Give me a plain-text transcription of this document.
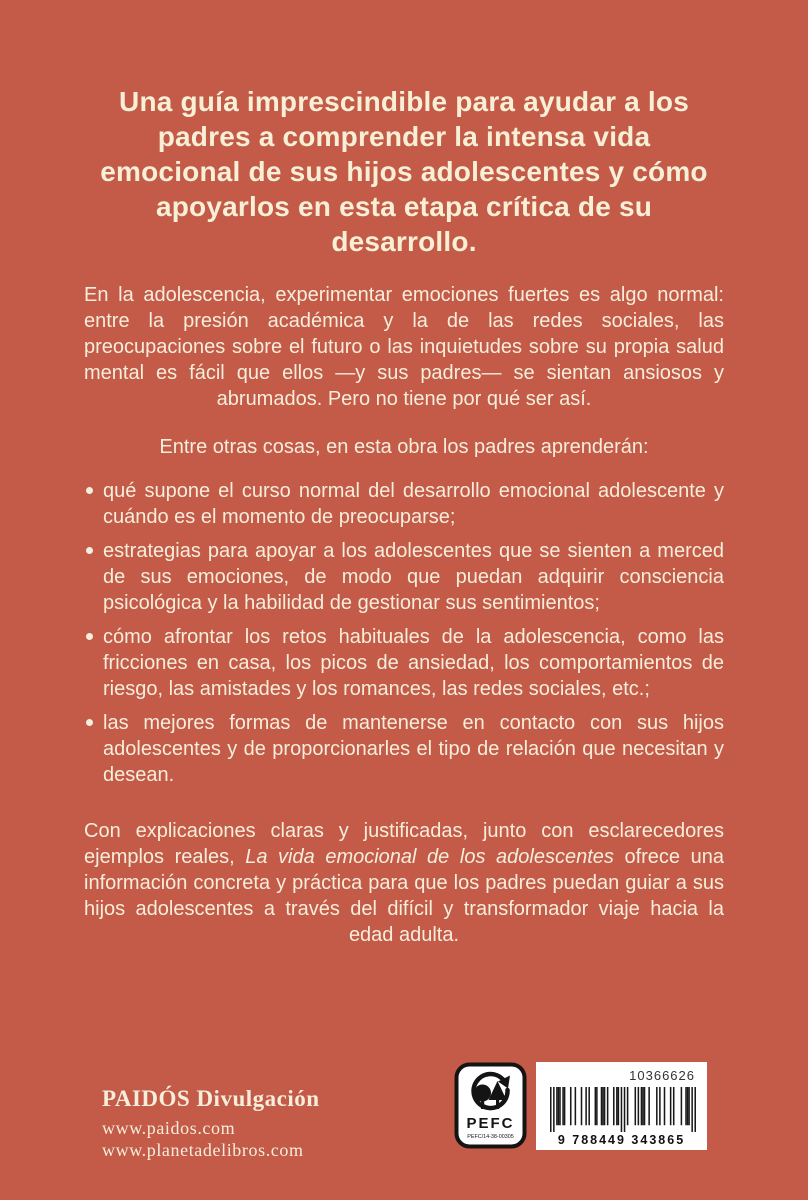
Una guía imprescindible para ayudar a los padres a comprender la intensa vida emocional de sus hijos adolescentes y cómo apoyarlos en esta etapa crítica de su desarrollo.

En la adolescencia, experimentar emociones fuertes es algo normal: entre la presión académica y la de las redes sociales, las preocupaciones sobre el futuro o las inquietudes sobre su propia salud mental es fácil que ellos —y sus padres— se sientan ansiosos y abrumados. Pero no tiene por qué ser así.

Entre otras cosas, en esta obra los padres aprenderán:

qué supone el curso normal del desarrollo emocional adolescente y cuándo es el momento de preocuparse;
estrategias para apoyar a los adolescentes que se sienten a merced de sus emociones, de modo que puedan adquirir consciencia psicológica y la habilidad de gestionar sus sentimientos;
cómo afrontar los retos habituales de la adolescencia, como las fricciones en casa, los picos de ansiedad, los comportamientos de riesgo, las amistades y los romances, las redes sociales, etc.;
las mejores formas de mantenerse en contacto con sus hijos adolescentes y de proporcionarles el tipo de relación que necesitan y desean.

Con explicaciones claras y justificadas, junto con esclarecedores ejemplos reales, La vida emocional de los adolescentes ofrece una información concreta y práctica para que los padres puedan guiar a sus hijos adolescentes a través del difícil y transformador viaje hacia la edad adulta.

PAIDÓS Divulgación
www.paidos.com
www.planetadelibros.com
PEFC
PEFC/14-38-00305
10366626
9 788449 343865
